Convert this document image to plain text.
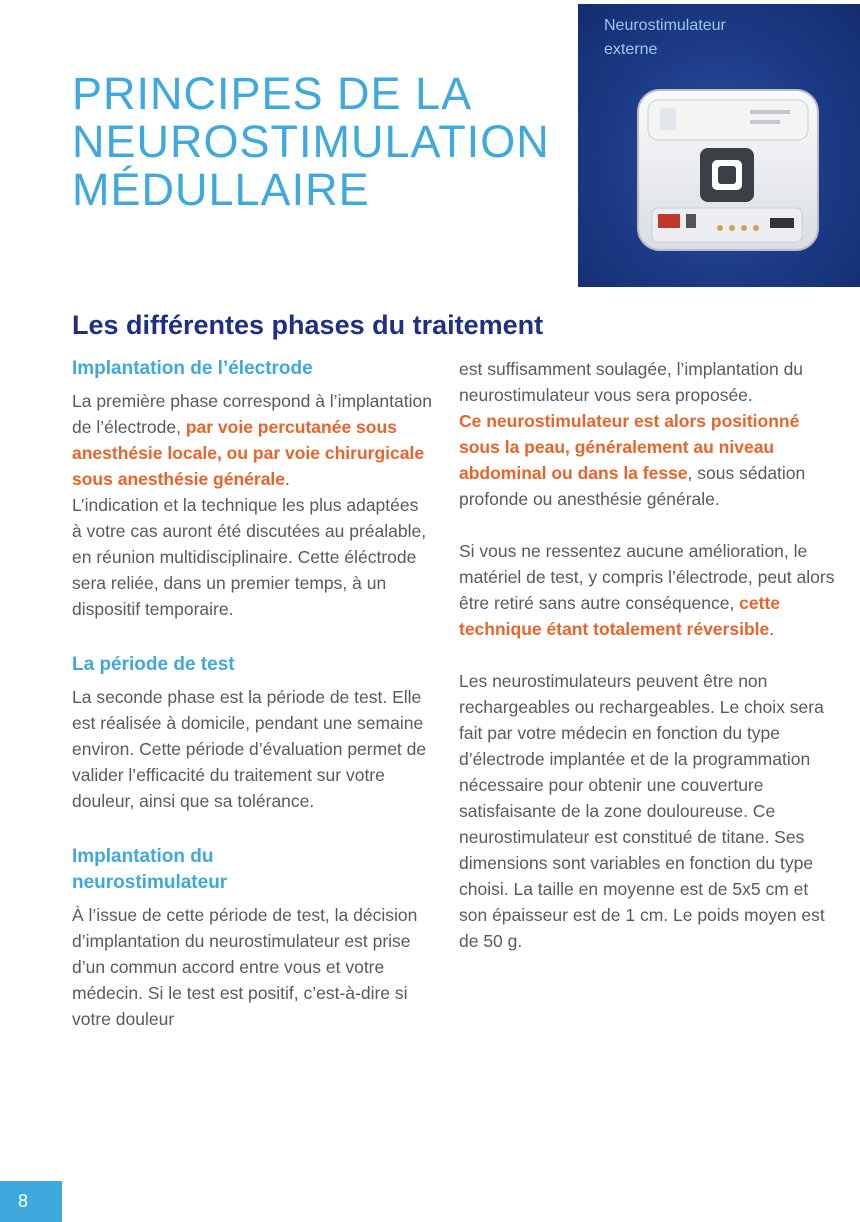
PRINCIPES DE LA
NEUROSTIMULATION
MÉDULLAIRE

Neurostimulateur
externe

Les différentes phases du traitement
Implantation de l’électrode

La première phase correspond à l’implantation de l’électrode, par voie percutanée sous anesthésie locale, ou par voie chirurgicale sous anesthésie générale.

L’indication et la technique les plus adaptées à votre cas auront été discutées au préalable, en réunion multidisciplinaire. Cette éléctrode sera reliée, dans un premier temps, à un dispositif temporaire.

La période de test

La seconde phase est la période de test. Elle est réalisée à domicile, pendant une semaine environ. Cette période d’évaluation permet de valider l’efficacité du traitement sur votre douleur, ainsi que sa tolérance.

Implantation du
neurostimulateur

À l’issue de cette période de test, la décision d’implantation du neurostimulateur est prise d’un commun accord entre vous et votre médecin. Si le test est positif, c’est-à-dire si votre douleur

est suffisamment soulagée, l’implantation du neurostimulateur vous sera proposée.

Ce neurostimulateur est alors positionné sous la peau, généralement au niveau abdominal ou dans la fesse, sous sédation profonde ou anesthésie générale.

Si vous ne ressentez aucune amélioration, le matériel de test, y compris l’électrode, peut alors être retiré sans autre conséquence, cette technique étant totalement réversible.

Les neurostimulateurs peuvent être non rechargeables ou rechargeables. Le choix sera fait par votre médecin en fonction du type d’électrode implantée et de la programmation nécessaire pour obtenir une couverture satisfaisante de la zone douloureuse. Ce neurostimulateur est constitué de titane. Ses dimensions sont variables en fonction du type choisi. La taille en moyenne est de 5x5 cm et son épaisseur est de 1 cm. Le poids moyen est de 50 g.

8
